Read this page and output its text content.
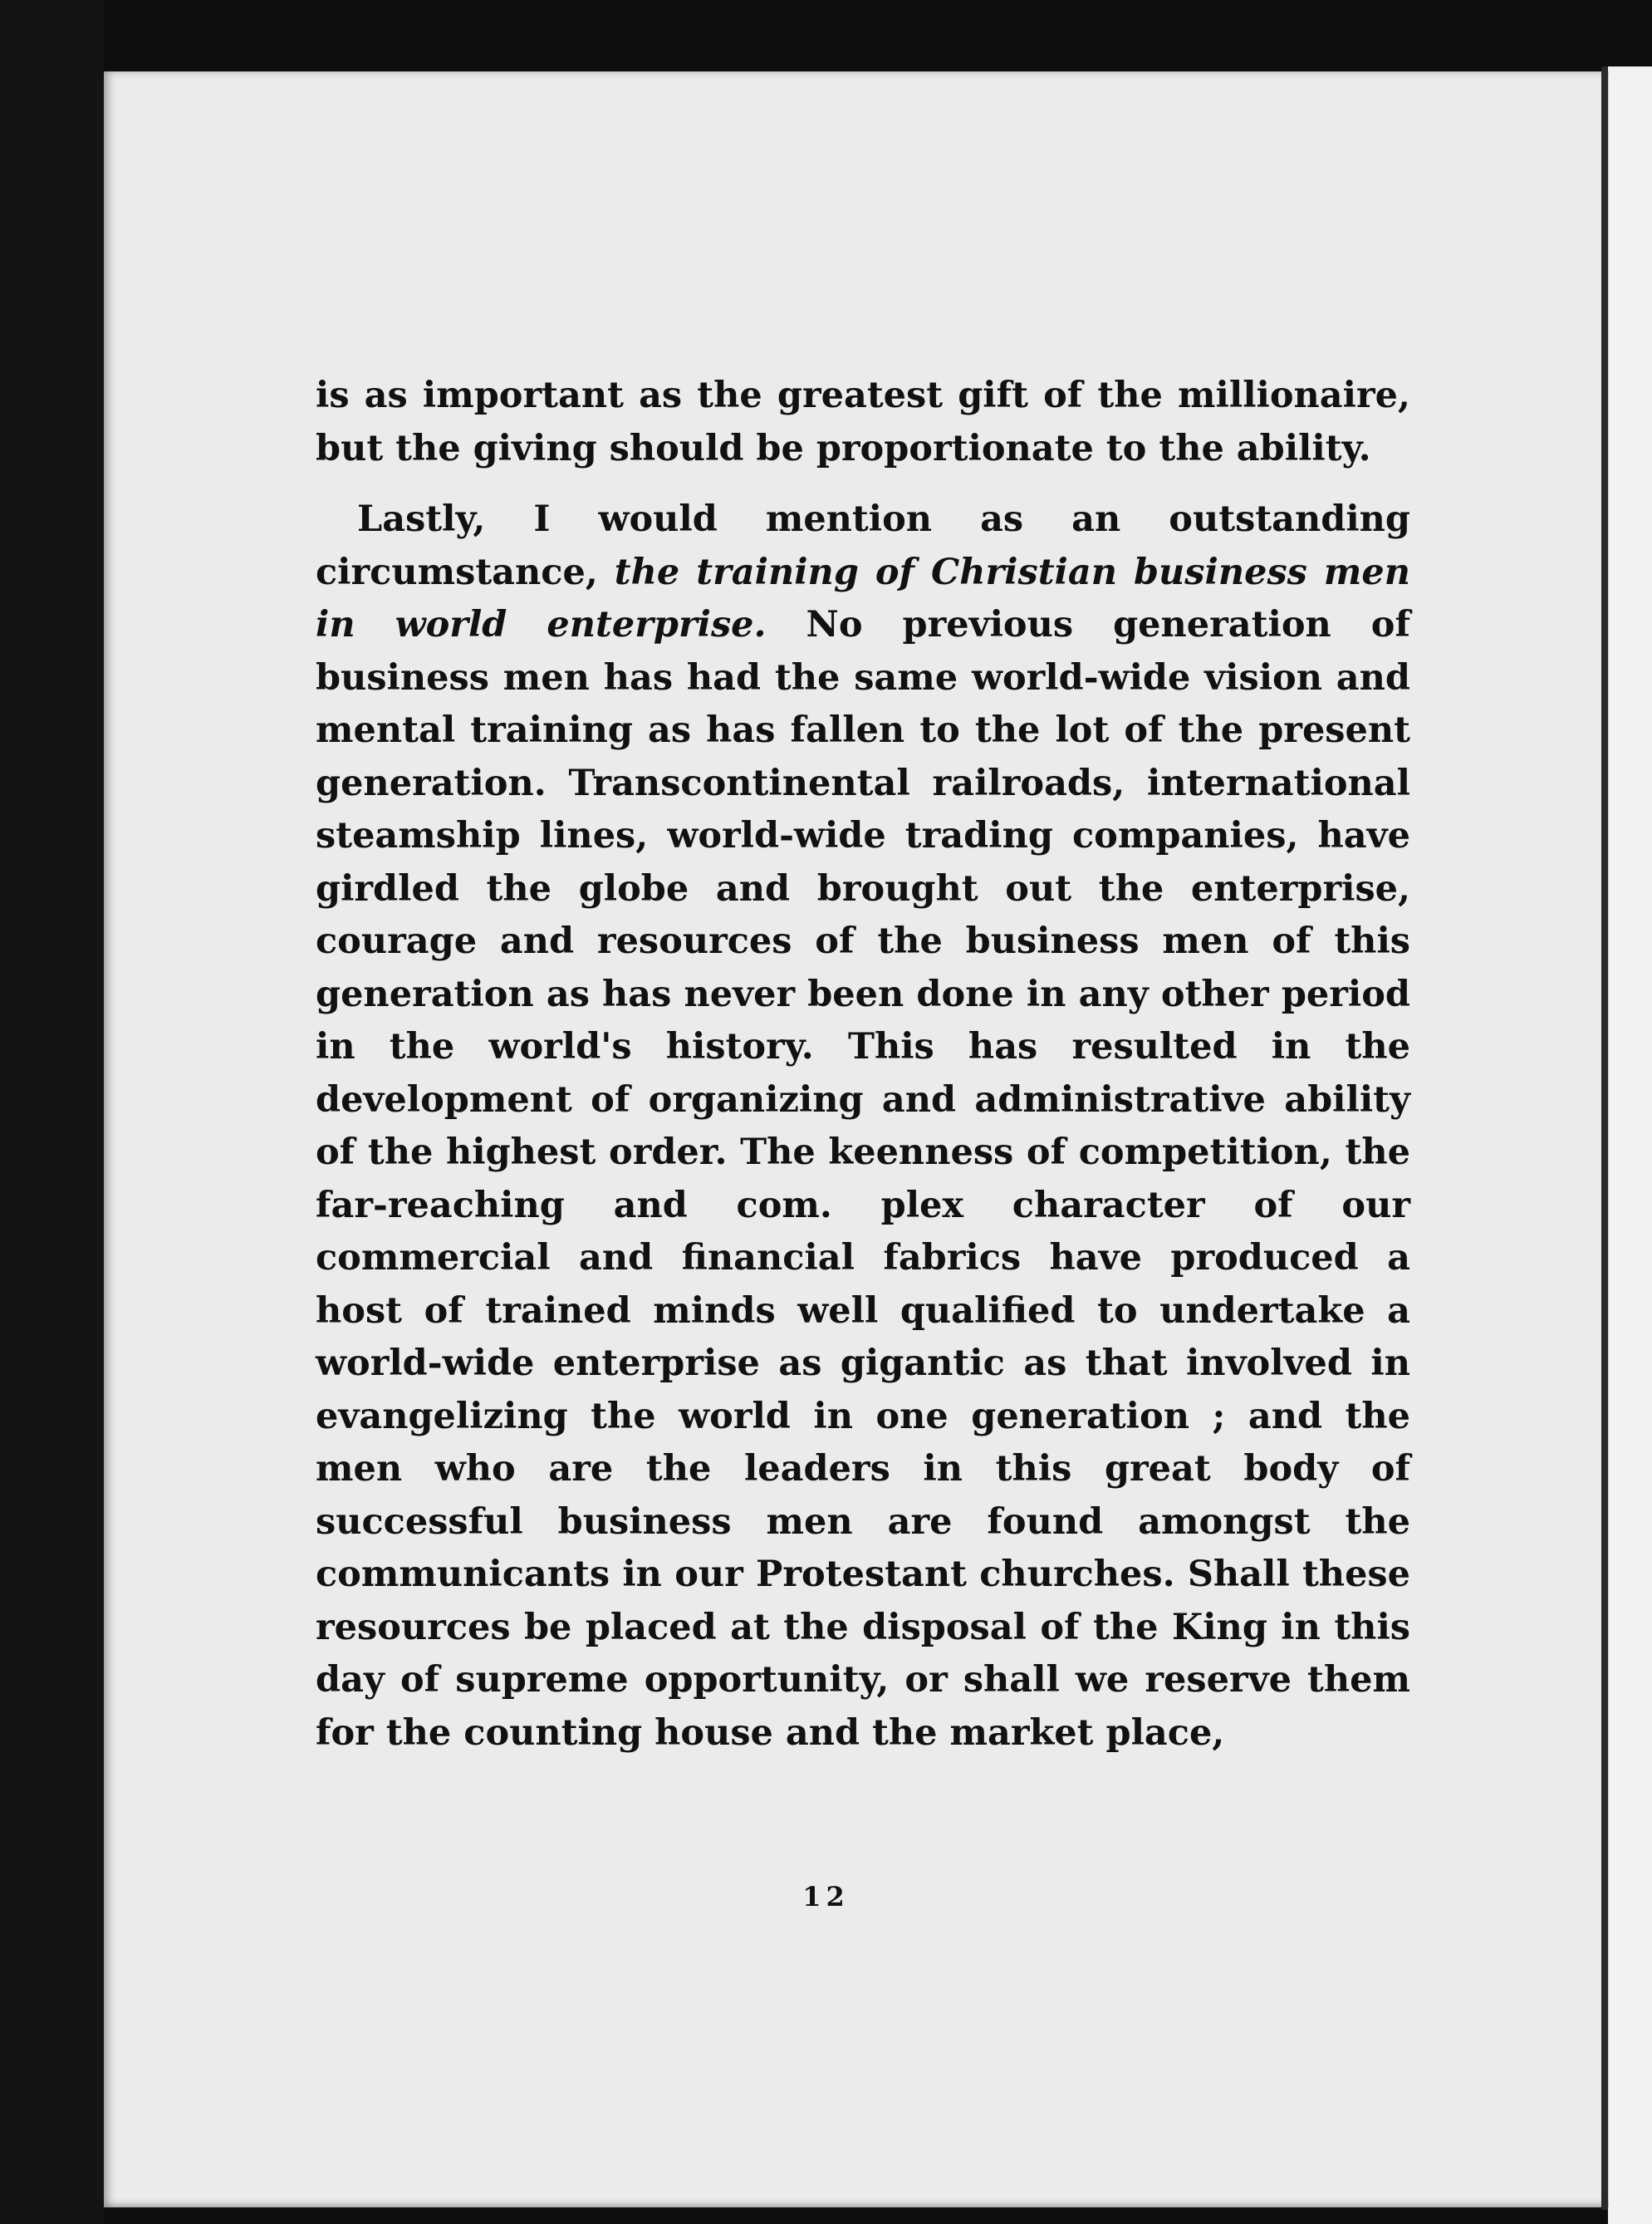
is as important as the greatest gift of the millionaire, but the giving should be proportionate to the ability.

Lastly, I would mention as an outstanding circumstance, the training of Christian business men in world enterprise. No previous generation of business men has had the same world-wide vision and mental training as has fallen to the lot of the present generation. Transcontinental railroads, international steamship lines, world-wide trading companies, have girdled the globe and brought out the enterprise, courage and resources of the business men of this generation as has never been done in any other period in the world's history. This has resulted in the development of organizing and administrative ability of the highest order. The keenness of competition, the far-reaching and com. plex character of our commercial and financial fabrics have produced a host of trained minds well qualified to undertake a world-wide enterprise as gigantic as that involved in evangelizing the world in one generation ; and the men who are the leaders in this great body of successful business men are found amongst the communicants in our Protestant churches. Shall these resources be placed at the disposal of the King in this day of supreme opportunity, or shall we reserve them for the counting house and the market place,

12
